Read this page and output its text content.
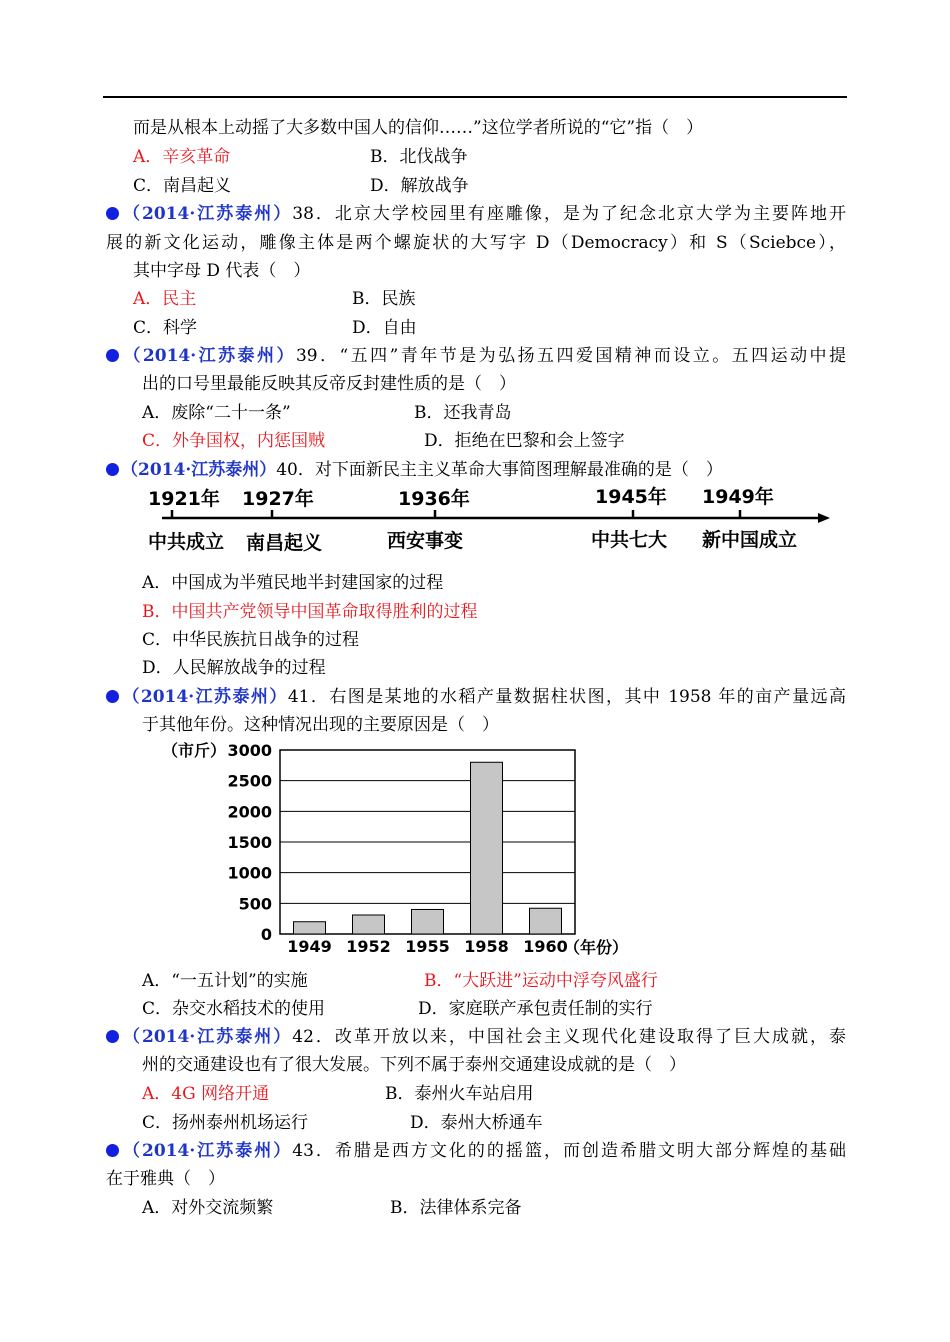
而是从根本上动摇了大多数中国人的信仰……”这位学者所说的“它”指（　）
A．辛亥革命	B．北伐战争
C．南昌起义	D．解放战争
（2014·江苏泰州）38．北京大学校园里有座雕像，是为了纪念北京大学为主要阵地开
展的新文化运动，雕像主体是两个螺旋状的大写字 D（Democracy）和 S（Sciebce），
其中字母 D 代表（　）
A．民主	B．民族
C．科学	D．自由
（2014·江苏泰州）39．“五四”青年节是为弘扬五四爱国精神而设立。五四运动中提
出的口号里最能反映其反帝反封建性质的是（　）
A．废除“二十一条”	B．还我青岛
C．外争国权，内惩国贼	D．拒绝在巴黎和会上签字
（2014·江苏泰州）40．对下面新民主主义革命大事简图理解最准确的是（　）
1921年 1927年	1936年	1945年 1949年
中共成立 南昌起义	西安事变	中共七大 新中国成立
A．中国成为半殖民地半封建国家的过程
B．中国共产党领导中国革命取得胜利的过程
C．中华民族抗日战争的过程
D．人民解放战争的过程
（2014·江苏泰州）41．右图是某地的水稻产量数据柱状图，其中 1958 年的亩产量远高
于其他年份。这种情况出现的主要原因是（　）
（市斤）
（年份）
0
500
1000
1500
2000
2500
3000
1949 1952 1955 1958 1960
A．“一五计划”的实施	B．“大跃进”运动中浮夸风盛行
C．杂交水稻技术的使用	D．家庭联产承包责任制的实行
（2014·江苏泰州）42．改革开放以来，中国社会主义现代化建设取得了巨大成就，泰
州的交通建设也有了很大发展。下列不属于泰州交通建设成就的是（　）
A．4G 网络开通	B．泰州火车站启用
C．扬州泰州机场运行	D．泰州大桥通车
（2014·江苏泰州）43．希腊是西方文化的的摇篮，而创造希腊文明大部分辉煌的基础
在于雅典（　）
A．对外交流频繁	B．法律体系完备
